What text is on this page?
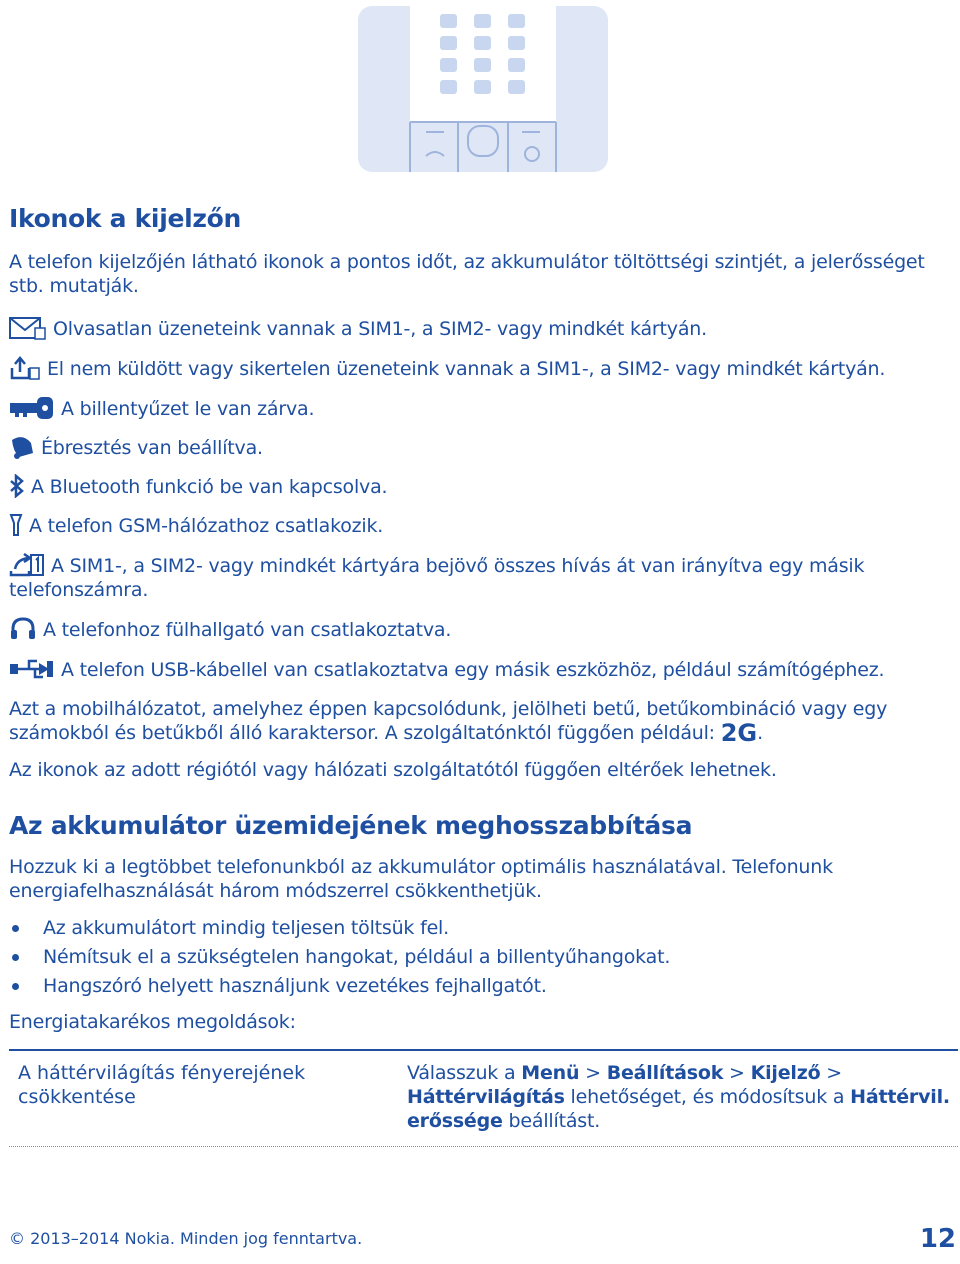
Ikonok a kijelzőn

A telefon kijelzőjén látható ikonok a pontos időt, az akkumulátor töltöttségi szintjét, a jelerősséget stb. mutatják.

Olvasatlan üzeneteink vannak a SIM1-, a SIM2- vagy mindkét kártyán.
El nem küldött vagy sikertelen üzeneteink vannak a SIM1-, a SIM2- vagy mindkét kártyán.
A billentyűzet le van zárva.
Ébresztés van beállítva.
A Bluetooth funkció be van kapcsolva.
A telefon GSM-hálózathoz csatlakozik.
A SIM1-, a SIM2- vagy mindkét kártyára bejövő összes hívás át van irányítva egy másik telefonszámra.
A telefonhoz fülhallgató van csatlakoztatva.
A telefon USB-kábellel van csatlakoztatva egy másik eszközhöz, például számítógéphez.

Azt a mobilhálózatot, amelyhez éppen kapcsolódunk, jelölheti betű, betűkombináció vagy egy számokból és betűkből álló karaktersor. A szolgáltatónktól függően például: 2G.

Az ikonok az adott régiótól vagy hálózati szolgáltatótól függően eltérőek lehetnek.

Az akkumulátor üzemidejének meghosszabbítása

Hozzuk ki a legtöbbet telefonunkból az akkumulátor optimális használatával. Telefonunk energiafelhasználását három módszerrel csökkenthetjük.

Az akkumulátort mindig teljesen töltsük fel.
Némítsuk el a szükségtelen hangokat, például a billentyűhangokat.
Hangszóró helyett használjunk vezetékes fejhallgatót.

Energiatakarékos megoldások:

A háttérvilágítás fényerejének csökkentése
Válasszuk a Menü > Beállítások > Kijelző > Háttérvilágítás lehetőséget, és módosítsuk a Háttérvil. erőssége beállítást.
© 2013–2014 Nokia. Minden jog fenntartva.	12
